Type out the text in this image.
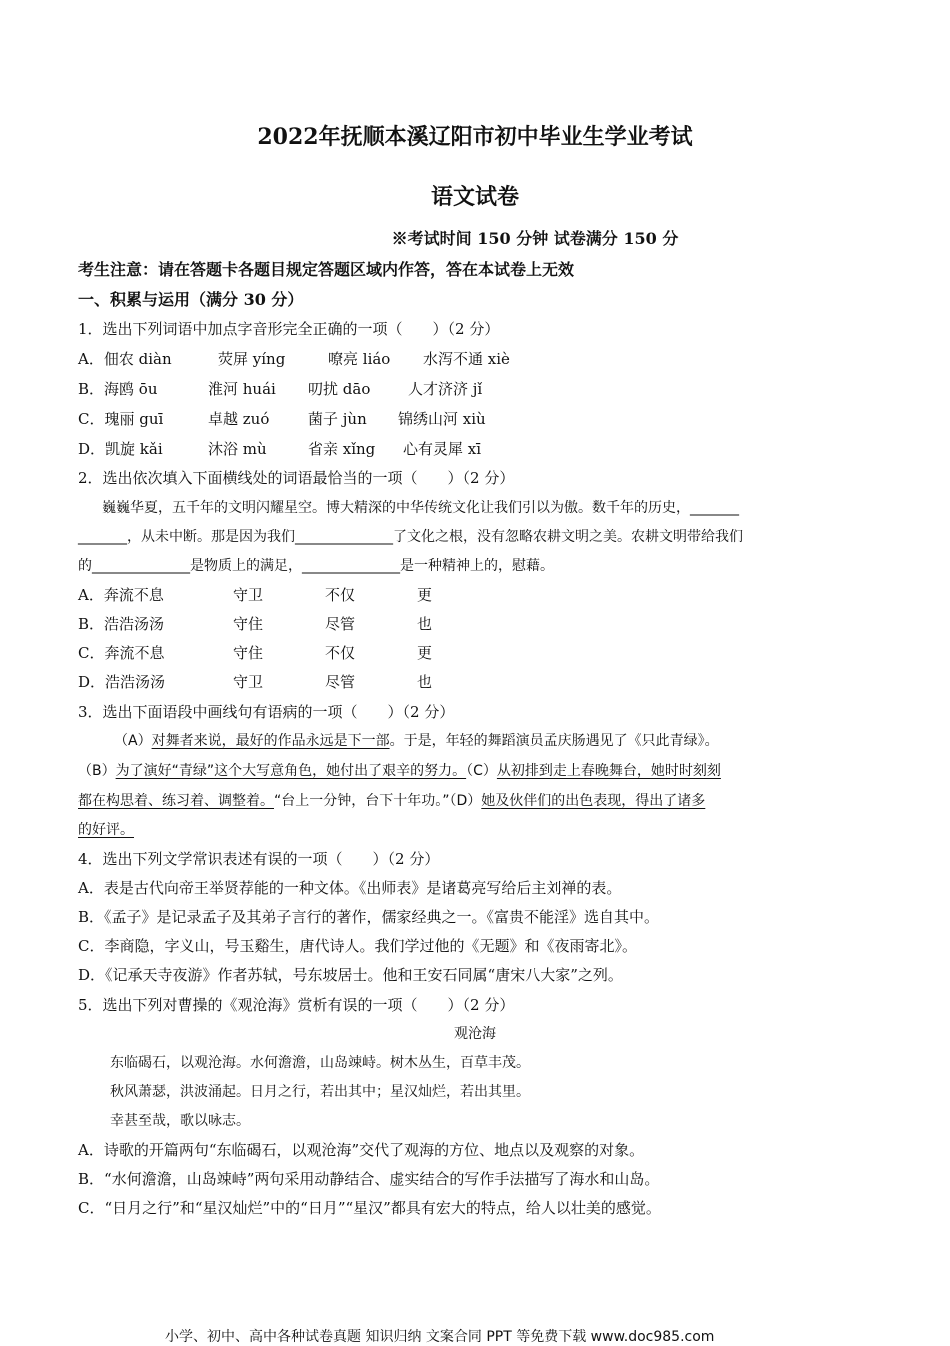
2022年抚顺本溪辽阳市初中毕业生学业考试
语文试卷
※考试时间 150 分钟 试卷满分 150 分
考生注意：请在答题卡各题目规定答题区域内作答，答在本试卷上无效
一、积累与运用（满分 30 分）
1．选出下列词语中加点字音形完全正确的一项（　　）（2 分）
A．佃农 diàn	荧屏 yíng	嘹亮 liáo 水泻不通 xiè
B．海鸥 ōu	淮河 huái 叨扰 dāo	人才济济 jǐ
C．瑰丽 guī	卓越 zuó	菌子 jùn 锦绣山河 xiù
D．凯旋 kǎi	沐浴 mù	省亲 xǐng 心有灵犀 xī
2．选出依次填入下面横线处的词语最恰当的一项（　　）（2 分）
巍巍华夏，五千年的文明闪耀星空。博大精深的中华传统文化让我们引以为傲。数千年的历史，_______
_______，从未中断。那是因为我们______________了文化之根，没有忽略农耕文明之美。农耕文明带给我们
的______________是物质上的满足，______________是一种精神上的，慰藉。
A．奔流不息	守卫	不仅	更
B．浩浩汤汤	守住	尽管	也
C．奔流不息	守住	不仅	更
D．浩浩汤汤	守卫	尽管	也
3．选出下面语段中画线句有语病的一项（　　）（2 分）
（A）对舞者来说，最好的作品永远是下一部。于是，年轻的舞蹈演员孟庆肠遇见了《只此青绿》。
（B）为了演好“青绿”这个大写意角色，她付出了艰辛的努力。（C）从初排到走上春晚舞台，她时时刻刻
都在构思着、练习着、调整着。“台上一分钟，台下十年功。”（D）她及伙伴们的出色表现，得出了诸多
的好评。
4．选出下列文学常识表述有误的一项（　　）（2 分）
A．表是古代向帝王举贤荐能的一种文体。《出师表》是诸葛亮写给后主刘禅的表。
B．《孟子》是记录孟子及其弟子言行的著作，儒家经典之一。《富贵不能淫》选自其中。
C．李商隐，字义山，号玉谿生，唐代诗人。我们学过他的《无题》和《夜雨寄北》。
D．《记承天寺夜游》作者苏轼，号东坡居士。他和王安石同属“唐宋八大家”之列。
5．选出下列对曹操的《观沧海》赏析有误的一项（　　）（2 分）
观沧海
东临碣石，以观沧海。水何澹澹，山岛竦峙。树木丛生，百草丰茂。
秋风萧瑟，洪波涌起。日月之行，若出其中；星汉灿烂，若出其里。
幸甚至哉，歌以咏志。
A．诗歌的开篇两句“东临碣石，以观沧海”交代了观海的方位、地点以及观察的对象。
B．“水何澹澹，山岛竦峙”两句采用动静结合、虚实结合的写作手法描写了海水和山岛。
C．“日月之行”和“星汉灿烂”中的“日月”“星汉”都具有宏大的特点，给人以壮美的感觉。
小学、初中、高中各种试卷真题 知识归纳 文案合同 PPT 等免费下载 www.doc985.com
